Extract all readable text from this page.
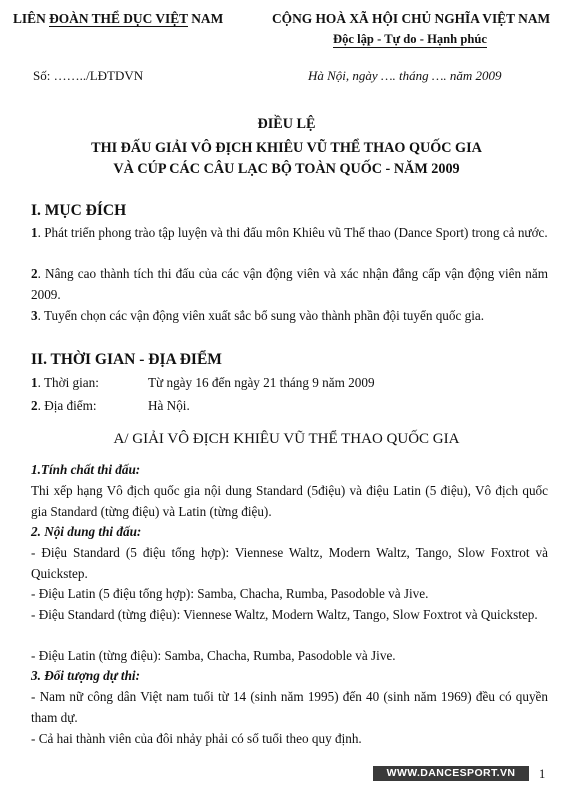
LIÊN ĐOÀN THỂ DỤC VIỆT NAM	CỘNG HOÀ XÃ HỘI CHỦ NGHĨA VIỆT NAM
Độc lập - Tự do - Hạnh phúc
Số: ……../LĐTDVN	Hà Nội, ngày …. tháng …. năm 2009
ĐIỀU LỆ
THI ĐẤU GIẢI VÔ ĐỊCH KHIÊU VŨ THỂ THAO QUỐC GIA
VÀ CÚP CÁC CÂU LẠC BỘ TOÀN QUỐC - NĂM 2009
I. MỤC ĐÍCH
1. Phát triển phong trào tập luyện và thi đấu môn Khiêu vũ Thể thao (Dance Sport) trong cả nước.
2. Nâng cao thành tích thi đấu của các vận động viên và xác nhận đẳng cấp vận động viên năm 2009.
3. Tuyển chọn các vận động viên xuất sắc bổ sung vào thành phần đội tuyển quốc gia.
II. THỜI GIAN - ĐỊA ĐIỂM
1. Thời gian:	Từ ngày 16 đến ngày 21 tháng 9 năm 2009
2. Địa điểm:	Hà Nội.
A/ GIẢI VÔ ĐỊCH KHIÊU VŨ THỂ THAO QUỐC GIA
1.Tính chất thi đấu:
Thi xếp hạng Vô địch quốc gia nội dung Standard (5điệu) và điệu Latin (5 điệu), Vô địch quốc gia Standard (từng điệu) và Latin (từng điệu).
2. Nội dung thi đấu:
- Điệu Standard (5 điệu tổng hợp): Viennese Waltz, Modern Waltz, Tango, Slow Foxtrot và Quickstep.
- Điệu Latin (5 điệu tổng hợp): Samba, Chacha, Rumba, Pasodoble và Jive.
- Điệu Standard (từng điệu): Viennese Waltz, Modern Waltz, Tango, Slow Foxtrot và Quickstep.
- Điệu Latin (từng điệu): Samba, Chacha, Rumba, Pasodoble và Jive.
3. Đối tượng dự thi:
- Nam nữ công dân Việt nam tuổi từ 14 (sinh năm 1995) đến 40 (sinh năm 1969) đều có quyền tham dự.
- Cả hai thành viên của đôi nhảy phải có số tuổi theo quy định.
WWW.DANCESPORT.VN	1
